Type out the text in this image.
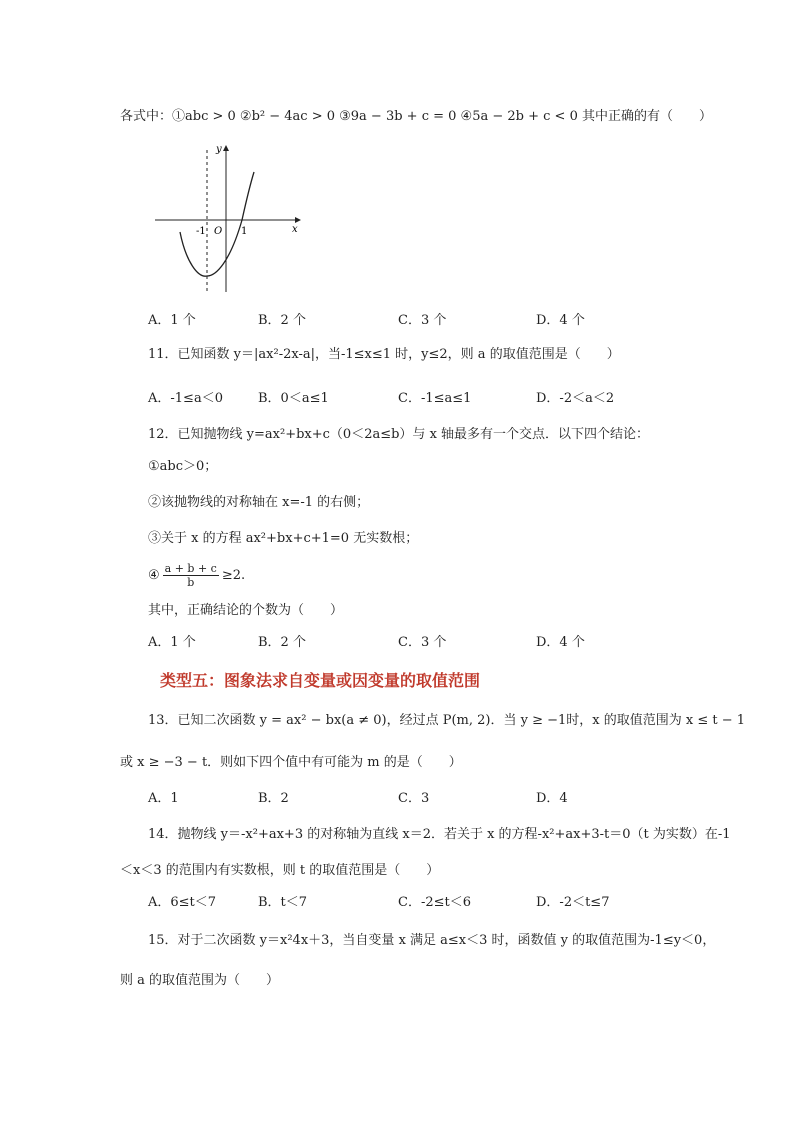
各式中：①abc > 0 ②b² − 4ac > 0 ③9a − 3b + c = 0 ④5a − 2b + c < 0 其中正确的有（　　）
y
x
O
-1	1
A．1 个	B．2 个	C．3 个	D．4 个
11．已知函数 y＝|ax²-2x-a|，当-1≤x≤1 时，y≤2，则 a 的取值范围是（　　）
A．-1≤a＜0	B．0＜a≤1	C．-1≤a≤1	D．-2＜a＜2
12．已知抛物线 y=ax²+bx+c（0＜2a≤b）与 x 轴最多有一个交点．以下四个结论：
①abc＞0；
②该抛物线的对称轴在 x=-1 的右侧；
③关于 x 的方程 ax²+bx+c+1=0 无实数根；
④ $\frac{a + b + c}{b} \ge 2$.
其中，正确结论的个数为（　　）
A．1 个	B．2 个	C．3 个	D．4 个
类型五：图象法求自变量或因变量的取值范围
13．已知二次函数 y = ax² − bx(a ≠ 0)，经过点 P(m, 2)．当 y ≥ −1时，x 的取值范围为 x ≤ t − 1
或 x ≥ −3 − t．则如下四个值中有可能为 m 的是（　　）
A．1	B．2	C．3	D．4
14．抛物线 y＝-x²+ax+3 的对称轴为直线 x＝2．若关于 x 的方程-x²+ax+3-t＝0（t 为实数）在-1
＜x＜3 的范围内有实数根，则 t 的取值范围是（　　）
A．6≤t＜7	B．t＜7	C．-2≤t＜6	D．-2＜t≤7
15．对于二次函数 y＝x²4x＋3，当自变量 x 满足 a≤x＜3 时，函数值 y 的取值范围为-1≤y＜0，
则 a 的取值范围为（　　）
